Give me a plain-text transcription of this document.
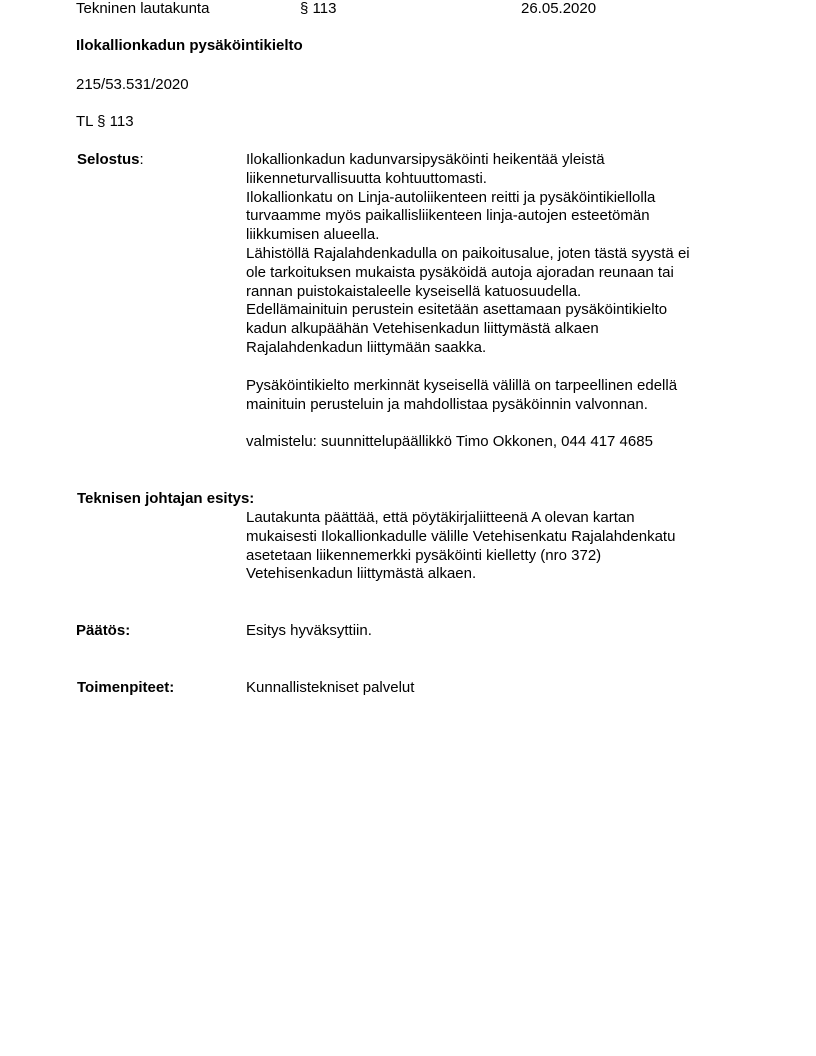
Tekninen lautakunta	§ 113	26.05.2020
Ilokallionkadun pysäköintikielto
215/53.531/2020
TL § 113
Selostus:	Ilokallionkadun kadunvarsipysäköinti heikentää yleistä
liikenneturvallisuutta kohtuuttomasti.
Ilokallionkatu on Linja-autoliikenteen reitti ja pysäköintikiellolla
turvaamme myös paikallisliikenteen linja-autojen esteetömän
liikkumisen alueella.
Lähistöllä Rajalahdenkadulla on paikoitusalue, joten tästä syystä ei
ole tarkoituksen mukaista pysäköidä autoja ajoradan reunaan tai
rannan puistokaistaleelle kyseisellä katuosuudella.
Edellämainituin perustein esitetään asettamaan pysäköintikielto
kadun alkupäähän Vetehisenkadun liittymästä alkaen
Rajalahdenkadun liittymään saakka.
Pysäköintikielto merkinnät kyseisellä välillä on tarpeellinen edellä
mainituin perusteluin ja mahdollistaa pysäköinnin valvonnan.
valmistelu: suunnittelupäällikkö Timo Okkonen, 044 417 4685
Teknisen johtajan esitys:
Lautakunta päättää, että pöytäkirjaliitteenä A olevan kartan
mukaisesti Ilokallionkadulle välille Vetehisenkatu Rajalahdenkatu
asetetaan liikennemerkki pysäköinti kielletty (nro 372)
Vetehisenkadun liittymästä alkaen.
Päätös:	Esitys hyväksyttiin.
Toimenpiteet:	Kunnallistekniset palvelut
